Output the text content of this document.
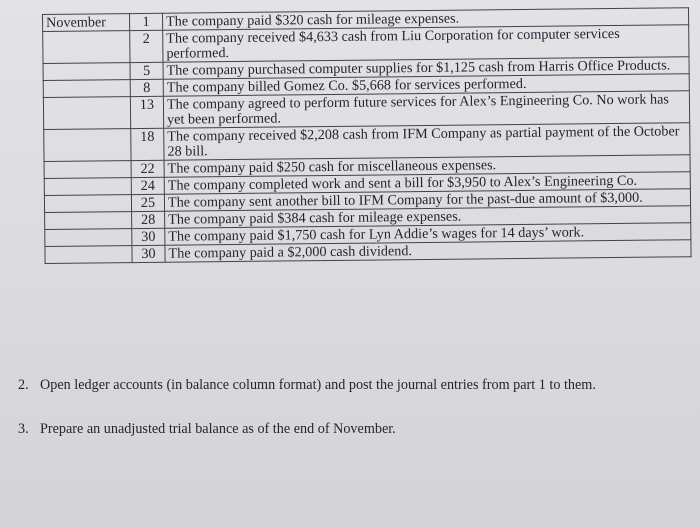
November	1	The company paid $320 cash for mileage expenses.
	2	The company received $4,633 cash from Liu Corporation for computer services performed.
	5	The company purchased computer supplies for $1,125 cash from Harris Office Products.
	8	The company billed Gomez Co. $5,668 for services performed.
	13	The company agreed to perform future services for Alex’s Engineering Co. No work has yet been performed.
	18	The company received $2,208 cash from IFM Company as partial payment of the October 28 bill.
	22	The company paid $250 cash for miscellaneous expenses.
	24	The company completed work and sent a bill for $3,950 to Alex’s Engineering Co.
	25	The company sent another bill to IFM Company for the past-due amount of $3,000.
	28	The company paid $384 cash for mileage expenses.
	30	The company paid $1,750 cash for Lyn Addie’s wages for 14 days’ work.
	30	The company paid a $2,000 cash dividend.
2. Open ledger accounts (in balance column format) and post the journal entries from part 1 to them.
3. Prepare an unadjusted trial balance as of the end of November.
